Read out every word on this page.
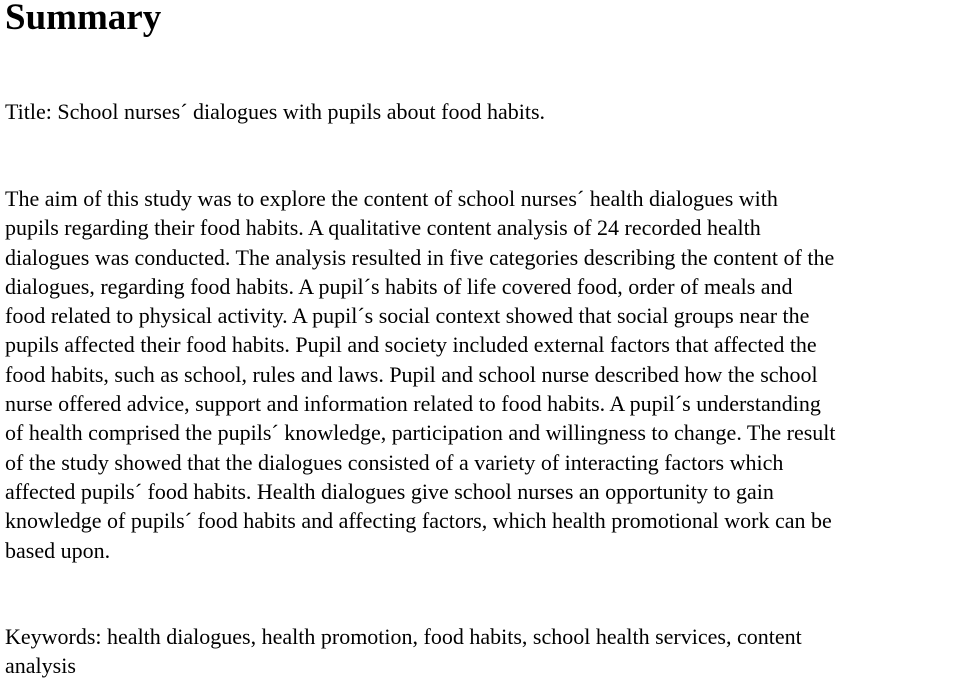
Summary

Title: School nurses´ dialogues with pupils about food habits.

The aim of this study was to explore the content of school nurses´ health dialogues with
pupils regarding their food habits. A qualitative content analysis of 24 recorded health
dialogues was conducted. The analysis resulted in five categories describing the content of the
dialogues, regarding food habits. A pupil´s habits of life covered food, order of meals and
food related to physical activity. A pupil´s social context showed that social groups near the
pupils affected their food habits. Pupil and society included external factors that affected the
food habits, such as school, rules and laws. Pupil and school nurse described how the school
nurse offered advice, support and information related to food habits. A pupil´s understanding
of health comprised the pupils´ knowledge, participation and willingness to change. The result
of the study showed that the dialogues consisted of a variety of interacting factors which
affected pupils´ food habits. Health dialogues give school nurses an opportunity to gain
knowledge of pupils´ food habits and affecting factors, which health promotional work can be
based upon.

Keywords: health dialogues, health promotion, food habits, school health services, content
analysis
